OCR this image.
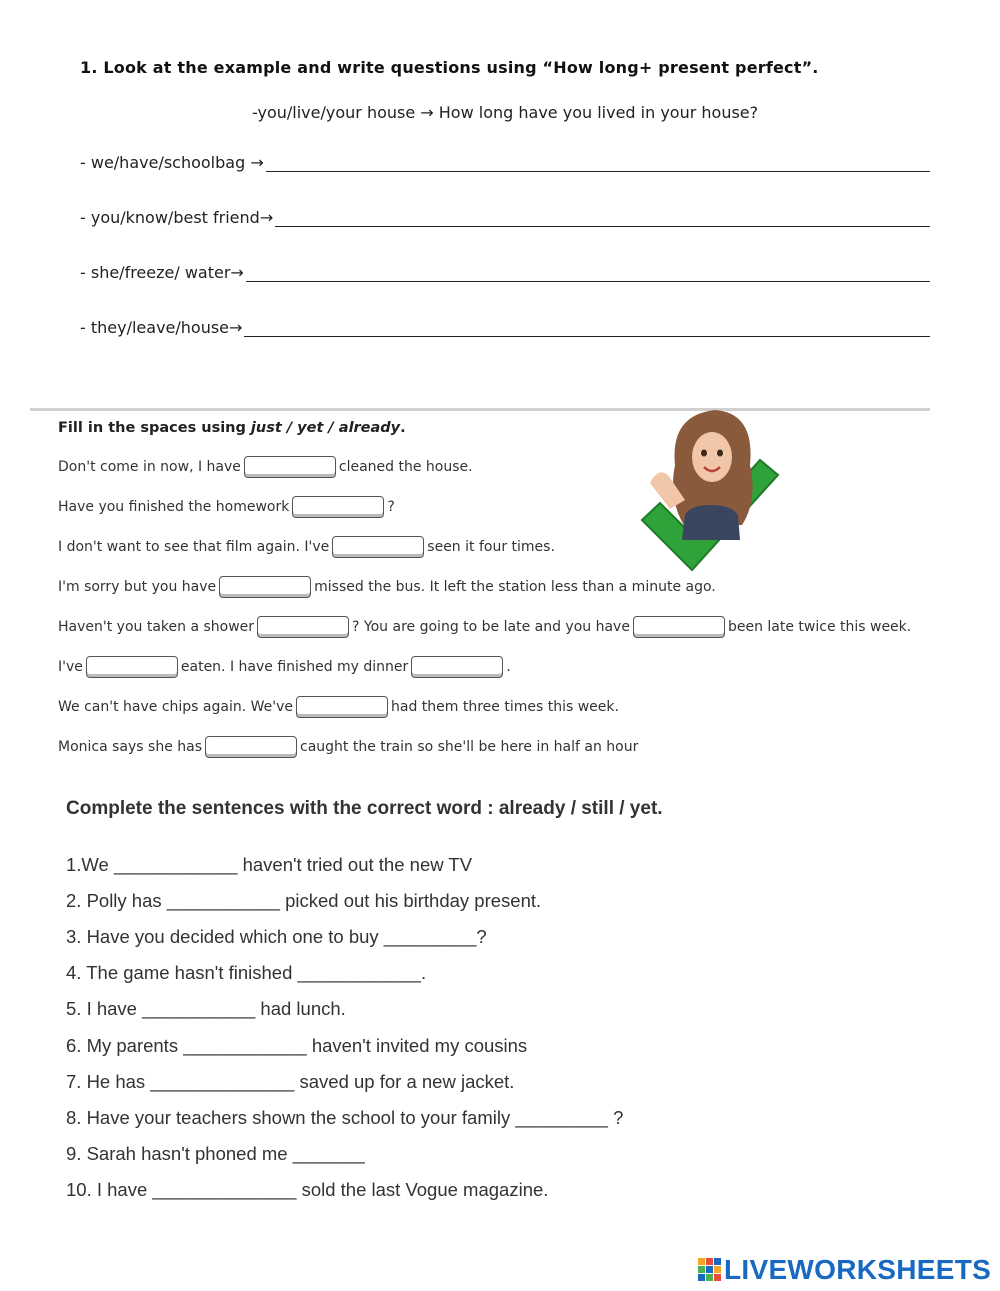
1. Look at the example and write questions using “How long+ present perfect”.
-you/live/your house → How long have you lived in your house?
- we/have/schoolbag →
- you/know/best friend→
- she/freeze/ water→
- they/leave/house→
Fill in the spaces using just / yet / already.
Don't come in now, I have	cleaned the house.
Have you finished the homework	?
I don't want to see that film again. I've	seen it four times.
I'm sorry but you have	missed the bus. It left the station less than a minute ago.
Haven't you taken a shower	? You are going to be late and you have	been late twice this week.
I've	eaten. I have finished my dinner	.
We can't have chips again. We've	had them three times this week.
Monica says she has	caught the train so she'll be here in half an hour
Complete the sentences with the correct word : already / still / yet.
1.We ____________ haven't tried out the new TV
2. Polly has ___________ picked out his birthday present.
3. Have you decided which one to buy _________?
4. The game hasn't finished ____________.
5. I have ___________ had lunch.
6. My parents ____________ haven't invited my cousins
7. He has ______________ saved up for a new jacket.
8. Have your teachers shown the school to your family _________ ?
9. Sarah hasn't phoned me _______
10. I have ______________ sold the last Vogue magazine.
LIVEWORKSHEETS
